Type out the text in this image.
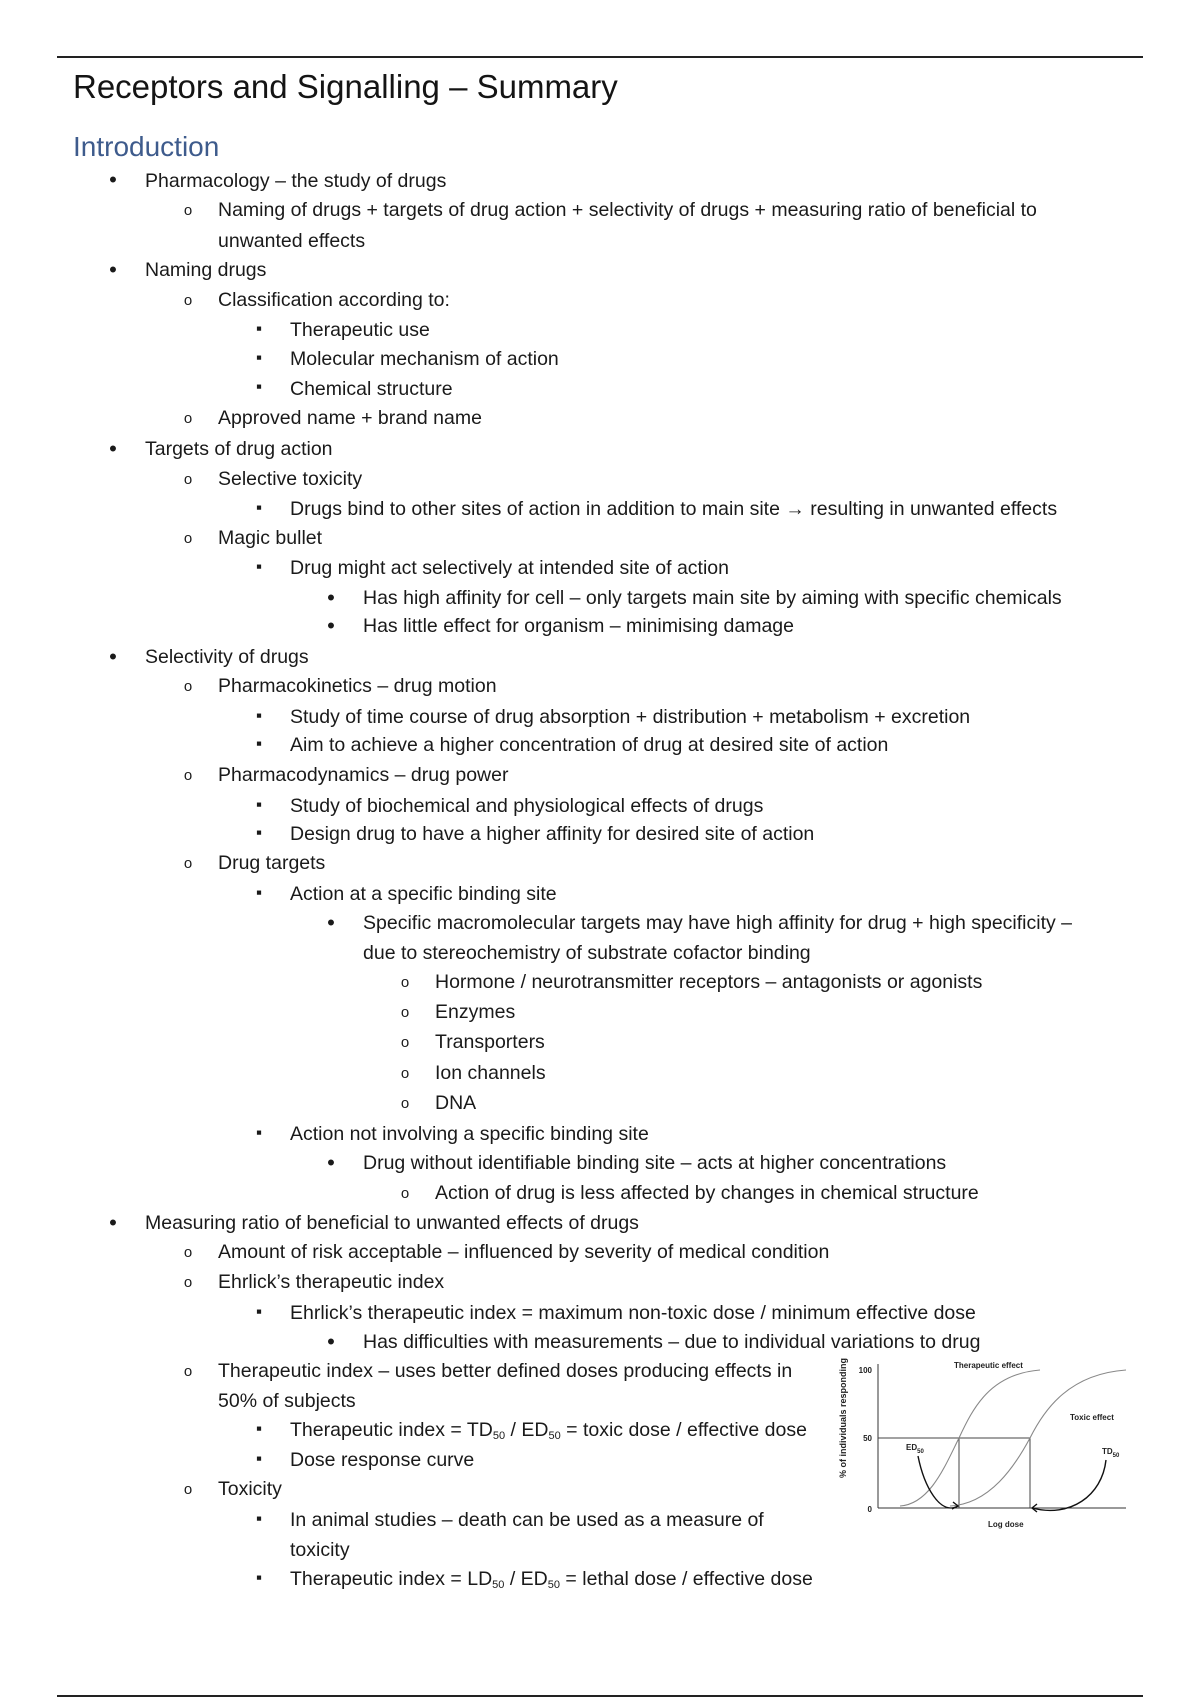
Receptors and Signalling – Summary
Introduction
•
Pharmacology – the study of drugs
o
Naming of drugs + targets of drug action + selectivity of drugs + measuring ratio of beneficial to
unwanted effects
•
Naming drugs
o
Classification according to:
▪
Therapeutic use
▪
Molecular mechanism of action
▪
Chemical structure
o
Approved name + brand name
•
Targets of drug action
o
Selective toxicity
▪
Drugs bind to other sites of action in addition to main site → resulting in unwanted effects
o
Magic bullet
▪
Drug might act selectively at intended site of action
•
Has high affinity for cell – only targets main site by aiming with specific chemicals
•
Has little effect for organism – minimising damage
•
Selectivity of drugs
o
Pharmacokinetics – drug motion
▪
Study of time course of drug absorption + distribution + metabolism + excretion
▪
Aim to achieve a higher concentration of drug at desired site of action
o
Pharmacodynamics – drug power
▪
Study of biochemical and physiological effects of drugs
▪
Design drug to have a higher affinity for desired site of action
o
Drug targets
▪
Action at a specific binding site
•
Specific macromolecular targets may have high affinity for drug + high specificity –
due to stereochemistry of substrate cofactor binding
o
Hormone / neurotransmitter receptors – antagonists or agonists
o
Enzymes
o
Transporters
o
Ion channels
o
DNA
▪
Action not involving a specific binding site
•
Drug without identifiable binding site – acts at higher concentrations
o
Action of drug is less affected by changes in chemical structure
•
Measuring ratio of beneficial to unwanted effects of drugs
o
Amount of risk acceptable – influenced by severity of medical condition
o
Ehrlick’s therapeutic index
▪
Ehrlick’s therapeutic index = maximum non-toxic dose / minimum effective dose
•
Has difficulties with measurements – due to individual variations to drug
o
Therapeutic index – uses better defined doses producing effects in
50% of subjects
▪
Therapeutic index = $TD_{50} / ED_{50}$ = toxic dose / effective dose
▪
Dose response curve
o
Toxicity
▪
In animal studies – death can be used as a measure of
toxicity
▪
Therapeutic index = $LD_{50} / ED_{50}$ = lethal dose / effective dose
% of individuals responding 100
50
0
Therapeutic effect
Toxic effect
$ED_{50}$	$TD_{50}$
Log dose
